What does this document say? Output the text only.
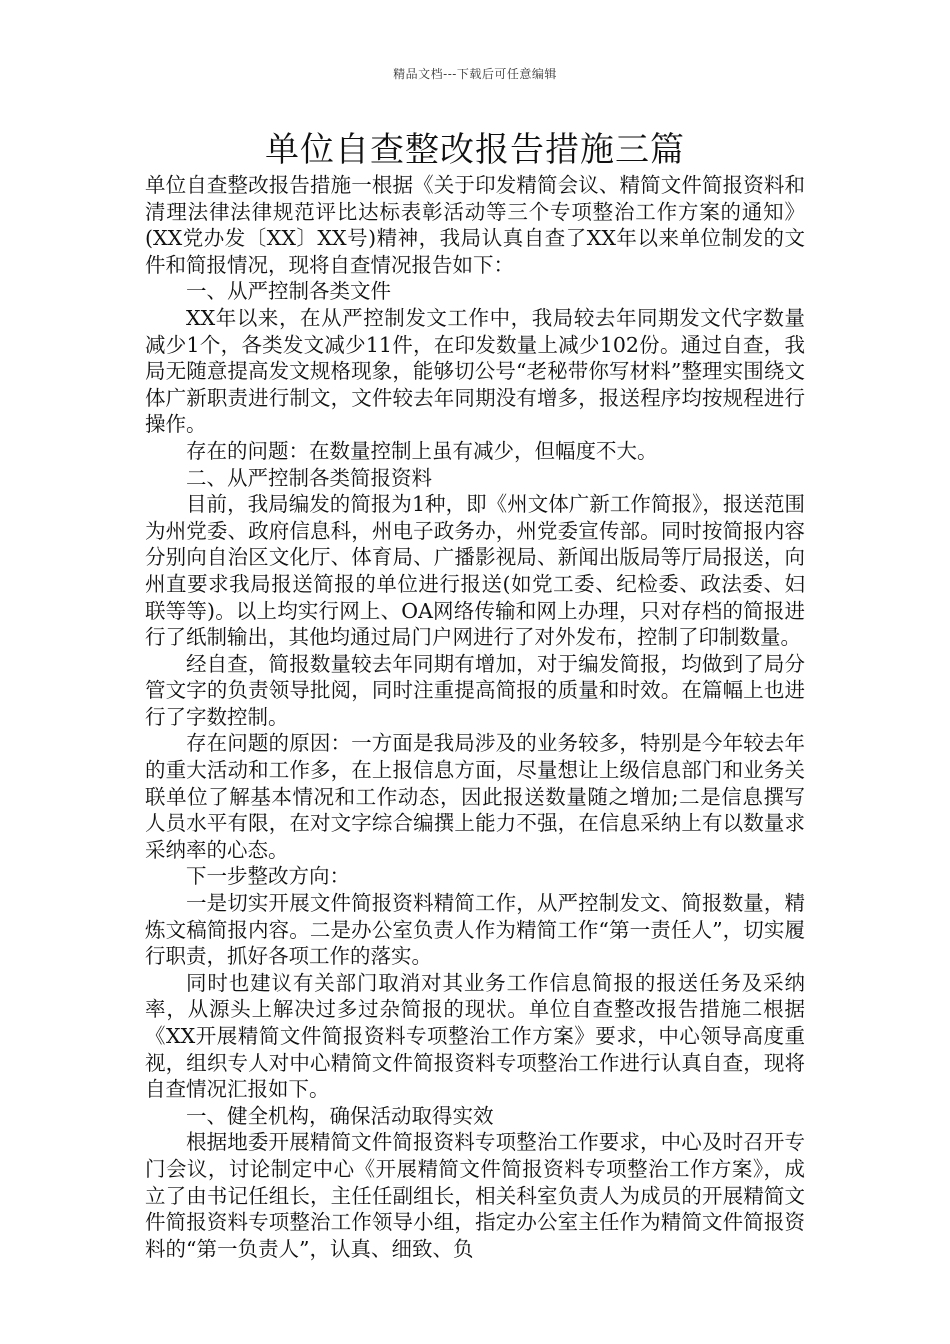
精品文档---下载后可任意编辑
单位自查整改报告措施三篇

单位自查整改报告措施一根据《关于印发精简会议、精简文件简报资料和清理法律法律规范评比达标表彰活动等三个专项整治工作方案的通知》(XX党办发〔XX〕XX号)精神，我局认真自查了XX年以来单位制发的文件和简报情况，现将自查情况报告如下：

一、从严控制各类文件

XX年以来，在从严控制发文工作中，我局较去年同期发文代字数量减少1个，各类发文减少11件，在印发数量上减少102份。通过自查，我局无随意提高发文规格现象，能够切公号“老秘带你写材料”整理实围绕文体广新职责进行制文，文件较去年同期没有增多，报送程序均按规程进行操作。

存在的问题：在数量控制上虽有减少，但幅度不大。

二、从严控制各类简报资料

目前，我局编发的简报为1种，即《州文体广新工作简报》，报送范围为州党委、政府信息科，州电子政务办，州党委宣传部。同时按简报内容分别向自治区文化厅、体育局、广播影视局、新闻出版局等厅局报送，向州直要求我局报送简报的单位进行报送(如党工委、纪检委、政法委、妇联等等)。以上均实行网上、OA网络传输和网上办理，只对存档的简报进行了纸制输出，其他均通过局门户网进行了对外发布，控制了印制数量。

经自查，简报数量较去年同期有增加，对于编发简报，均做到了局分管文字的负责领导批阅，同时注重提高简报的质量和时效。在篇幅上也进行了字数控制。

存在问题的原因：一方面是我局涉及的业务较多，特别是今年较去年的重大活动和工作多，在上报信息方面，尽量想让上级信息部门和业务关联单位了解基本情况和工作动态，因此报送数量随之增加;二是信息撰写人员水平有限，在对文字综合编撰上能力不强，在信息采纳上有以数量求采纳率的心态。

下一步整改方向：

一是切实开展文件简报资料精简工作，从严控制发文、简报数量，精炼文稿简报内容。二是办公室负责人作为精简工作“第一责任人”，切实履行职责，抓好各项工作的落实。

同时也建议有关部门取消对其业务工作信息简报的报送任务及采纳率，从源头上解决过多过杂简报的现状。单位自查整改报告措施二根据《XX开展精简文件简报资料专项整治工作方案》要求，中心领导高度重视，组织专人对中心精简文件简报资料专项整治工作进行认真自查，现将自查情况汇报如下。

一、健全机构，确保活动取得实效

根据地委开展精简文件简报资料专项整治工作要求，中心及时召开专门会议，讨论制定中心《开展精简文件简报资料专项整治工作方案》，成立了由书记任组长，主任任副组长，相关科室负责人为成员的开展精简文件简报资料专项整治工作领导小组，指定办公室主任作为精简文件简报资料的“第一负责人”，认真、细致、负
